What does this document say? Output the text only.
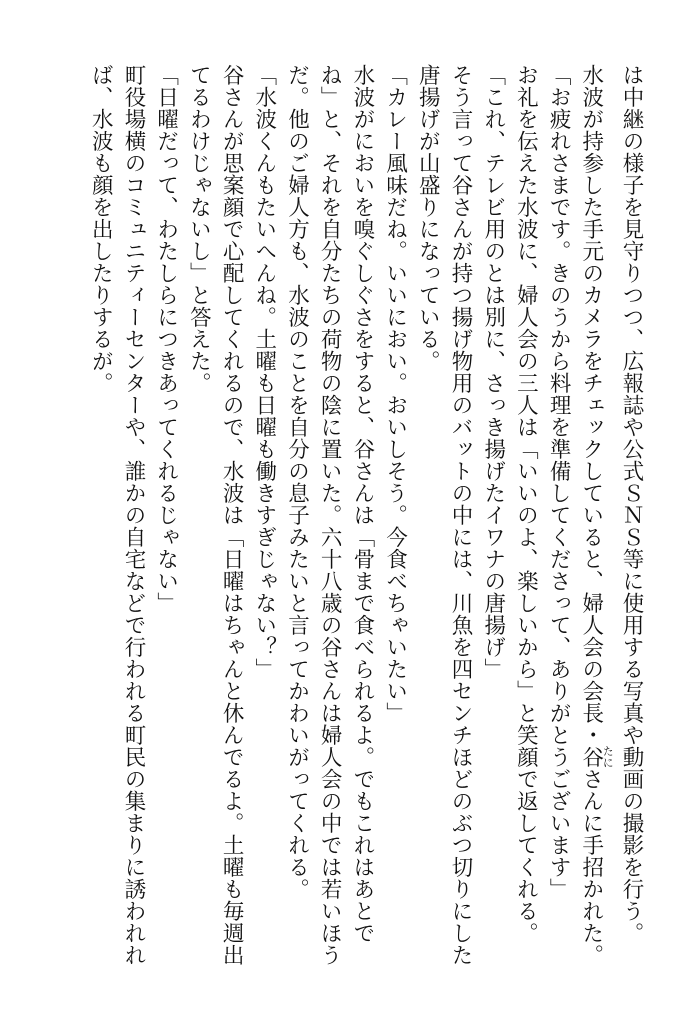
は中継の様子を見守りつつ、広報誌や公式ＳＮＳ等に使用する写真や動画の撮影を行う。
水波が持参した手元のカメラをチェックしていると、婦人会の会長・谷たにさんに手招かれた。
「お疲れさまです。きのうから料理を準備してくださって、ありがとうございます」
お礼を伝えた水波に、婦人会の三人は「いいのよ、楽しいから」と笑顔で返してくれる。
「これ、テレビ用のとは別に、さっき揚げたイワナの唐揚げ」
そう言って谷さんが持つ揚げ物用のバットの中には、川魚を四センチほどのぶつ切りにした
唐揚げが山盛りになっている。
「カレー風味だね。いいにおい。おいしそう。今食べちゃいたい」
水波がにおいを嗅ぐしぐさをすると、谷さんは「骨まで食べられるよ。でもこれはあとで
ね」と、それを自分たちの荷物の陰に置いた。六十八歳の谷さんは婦人会の中では若いほう
だ。他のご婦人方も、水波のことを自分の息子みたいと言ってかわいがってくれる。
「水波くんもたいへんね。土曜も日曜も働きすぎじゃない？」
谷さんが思案顔で心配してくれるので、水波は「日曜はちゃんと休んでるよ。土曜も毎週出
てるわけじゃないし」と答えた。
「日曜だって、わたしらにつきあってくれるじゃない」
町役場横のコミュニティーセンターや、誰かの自宅などで行われる町民の集まりに誘われれ
ば、水波も顔を出したりするが。
